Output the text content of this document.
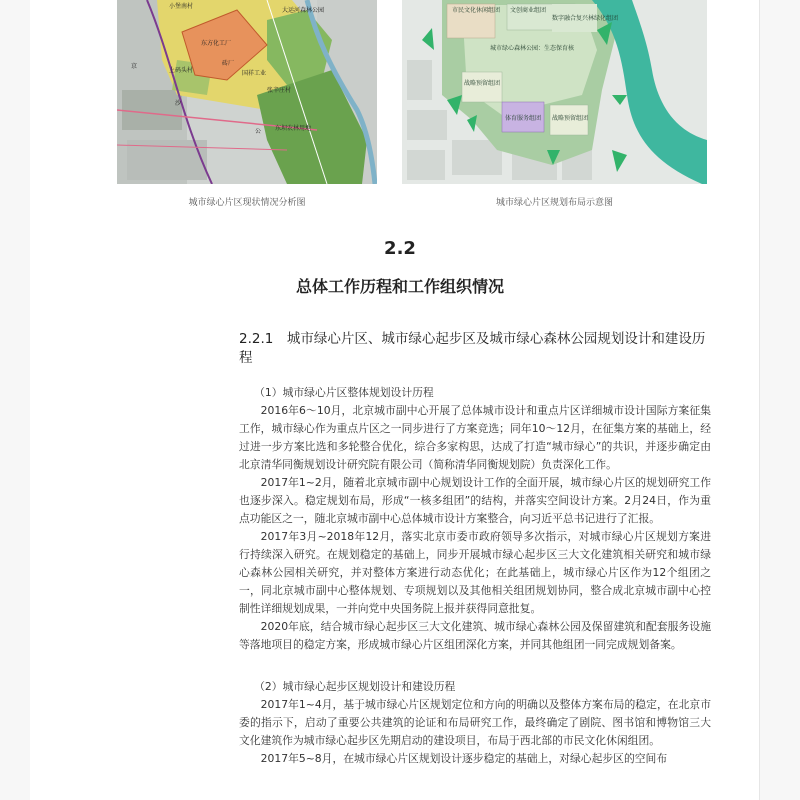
小堡南村
大运河森林公园
东方化工厂
上码头村	国祥工业
张辛庄村
砖厂
东坝农林用地
京
公
沙
城市绿心片区现状情况分析图
市民文化休闲组团 文创商业组团
数字融合复兴林绿化组团
城市绿心森林公园：生态保育核
战略预留组团
体育服务组团 战略预留组团
城市绿心片区规划布局示意图
2.2
总体工作历程和工作组织情况
2.2.1　城市绿心片区、城市绿心起步区及城市绿心森林公园规划设计和建设历程

（1）城市绿心片区整体规划设计历程

2016年6～10月，北京城市副中心开展了总体城市设计和重点片区详细城市设计国际方案征集工作，城市绿心作为重点片区之一同步进行了方案竞选；同年10～12月，在征集方案的基础上，经过进一步方案比选和多轮整合优化，综合多家构思，达成了打造“城市绿心”的共识，并逐步确定由北京清华同衡规划设计研究院有限公司（简称清华同衡规划院）负责深化工作。

2017年1~2月，随着北京城市副中心规划设计工作的全面开展，城市绿心片区的规划研究工作也逐步深入。稳定规划布局，形成“一核多组团”的结构，并落实空间设计方案。2月24日，作为重点功能区之一，随北京城市副中心总体城市设计方案整合，向习近平总书记进行了汇报。

2017年3月~2018年12月，落实北京市委市政府领导多次指示，对城市绿心片区规划方案进行持续深入研究。在规划稳定的基础上，同步开展城市绿心起步区三大文化建筑相关研究和城市绿心森林公园相关研究，并对整体方案进行动态优化；在此基础上，城市绿心片区作为12个组团之一，同北京城市副中心整体规划、专项规划以及其他相关组团规划协同，整合成北京城市副中心控制性详细规划成果，一并向党中央国务院上报并获得同意批复。

2020年底，结合城市绿心起步区三大文化建筑、城市绿心森林公园及保留建筑和配套服务设施等落地项目的稳定方案，形成城市绿心片区组团深化方案，并同其他组团一同完成规划备案。

（2）城市绿心起步区规划设计和建设历程

2017年1~4月，基于城市绿心片区规划定位和方向的明确以及整体方案布局的稳定，在北京市委的指示下，启动了重要公共建筑的论证和布局研究工作，最终确定了剧院、图书馆和博物馆三大文化建筑作为城市绿心起步区先期启动的建设项目，布局于西北部的市民文化休闲组团。

2017年5~8月，在城市绿心片区规划设计逐步稳定的基础上，对绿心起步区的空间布
